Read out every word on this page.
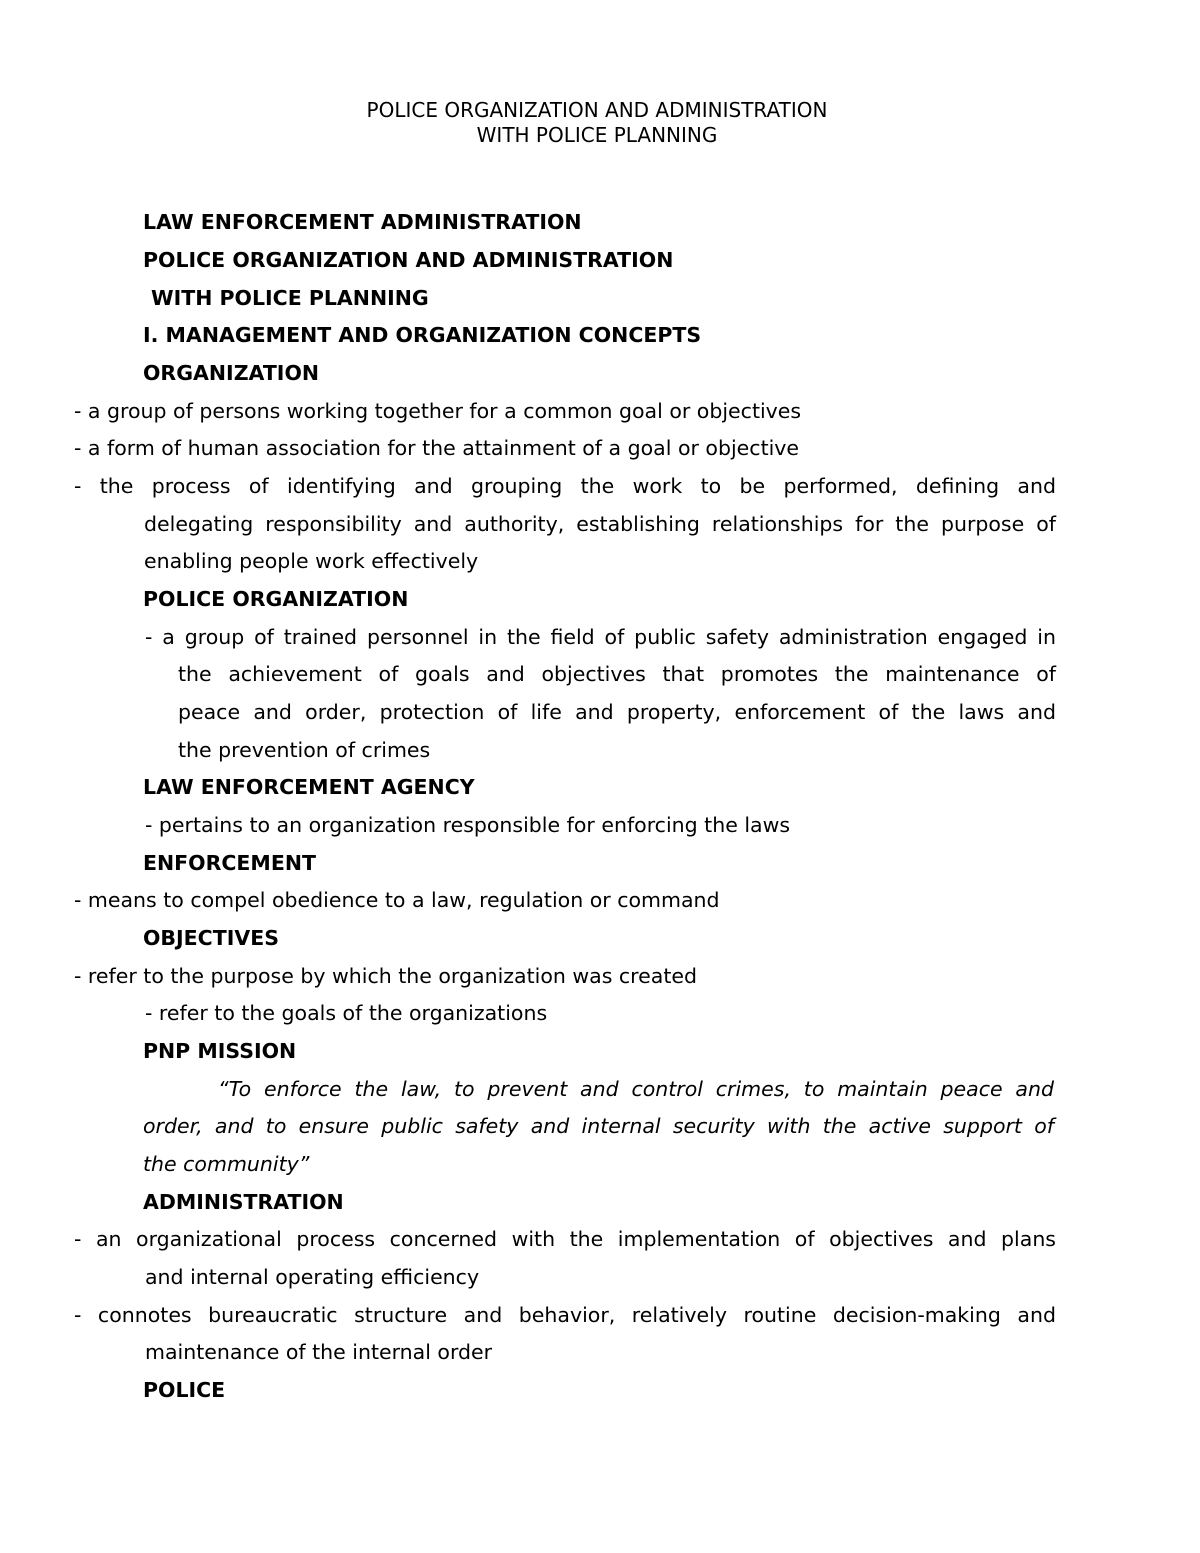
POLICE ORGANIZATION AND ADMINISTRATION
WITH POLICE PLANNING
LAW ENFORCEMENT ADMINISTRATION
POLICE ORGANIZATION AND ADMINISTRATION
WITH POLICE PLANNING
I. MANAGEMENT AND ORGANIZATION CONCEPTS
ORGANIZATION
- a group of persons working together for a common goal or objectives
- a form of human association for the attainment of a goal or objective
- the process of identifying and grouping the work to be performed, defining and
delegating responsibility and authority, establishing relationships for the purpose of
enabling people work effectively
POLICE ORGANIZATION
- a group of trained personnel in the field of public safety administration engaged in
the achievement of goals and objectives that promotes the maintenance of
peace and order, protection of life and property, enforcement of the laws and
the prevention of crimes
LAW ENFORCEMENT AGENCY
- pertains to an organization responsible for enforcing the laws
ENFORCEMENT
- means to compel obedience to a law, regulation or command
OBJECTIVES
- refer to the purpose by which the organization was created
- refer to the goals of the organizations
PNP MISSION
“To enforce the law, to prevent and control crimes, to maintain peace and
order, and to ensure public safety and internal security with the active support of
the community”
ADMINISTRATION
- an organizational process concerned with the implementation of objectives and plans
and internal operating efficiency
- connotes bureaucratic structure and behavior, relatively routine decision-making and
maintenance of the internal order
POLICE
